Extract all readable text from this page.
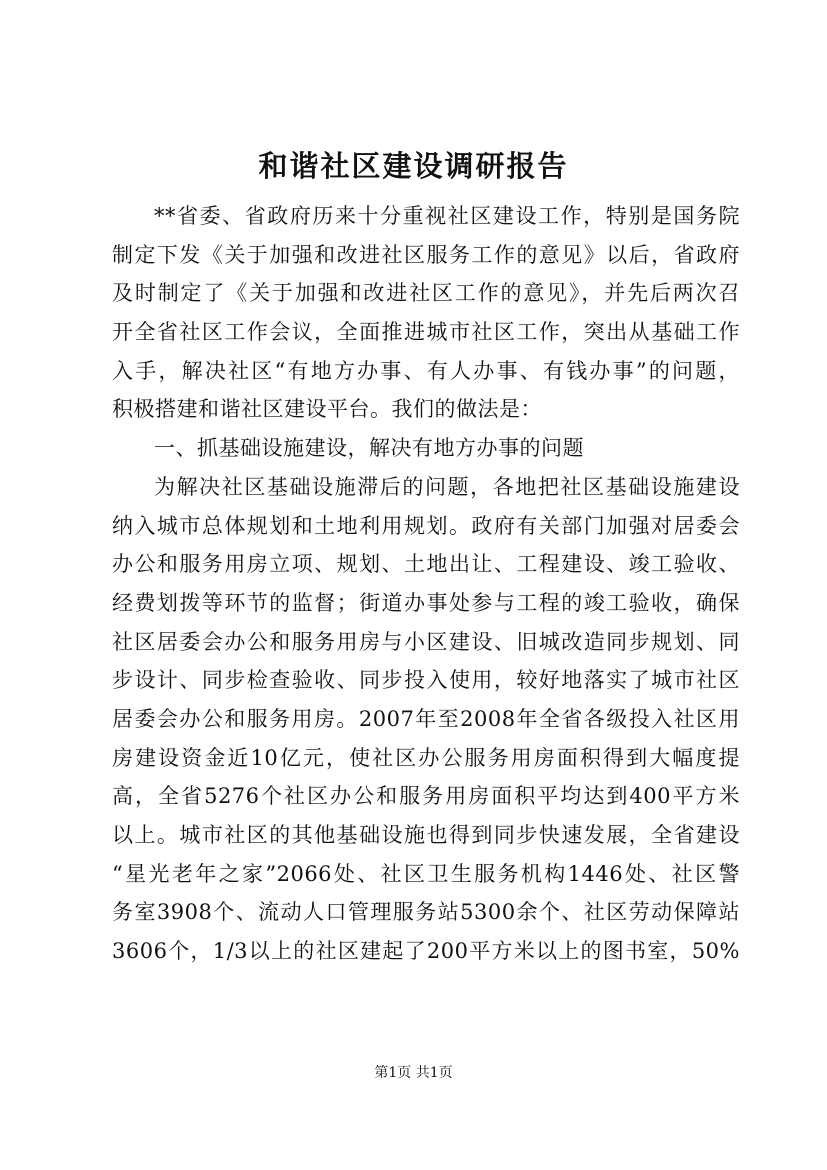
和谐社区建设调研报告
**省委、省政府历来十分重视社区建设工作，特别是国务院
制定下发《关于加强和改进社区服务工作的意见》以后，省政府
及时制定了《关于加强和改进社区工作的意见》，并先后两次召
开全省社区工作会议，全面推进城市社区工作，突出从基础工作
入手，解决社区“有地方办事、有人办事、有钱办事”的问题，
积极搭建和谐社区建设平台。我们的做法是：
一、抓基础设施建设，解决有地方办事的问题
为解决社区基础设施滞后的问题，各地把社区基础设施建设
纳入城市总体规划和土地利用规划。政府有关部门加强对居委会
办公和服务用房立项、规划、土地出让、工程建设、竣工验收、
经费划拨等环节的监督；街道办事处参与工程的竣工验收，确保
社区居委会办公和服务用房与小区建设、旧城改造同步规划、同
步设计、同步检查验收、同步投入使用，较好地落实了城市社区
居委会办公和服务用房。2007年至2008年全省各级投入社区用
房建设资金近10亿元，使社区办公服务用房面积得到大幅度提
高，全省5276个社区办公和服务用房面积平均达到400平方米
以上。城市社区的其他基础设施也得到同步快速发展，全省建设
“星光老年之家”2066处、社区卫生服务机构1446处、社区警
务室3908个、流动人口管理服务站5300余个、社区劳动保障站
3606个，1/3以上的社区建起了200平方米以上的图书室，50%
第1页 共1页
